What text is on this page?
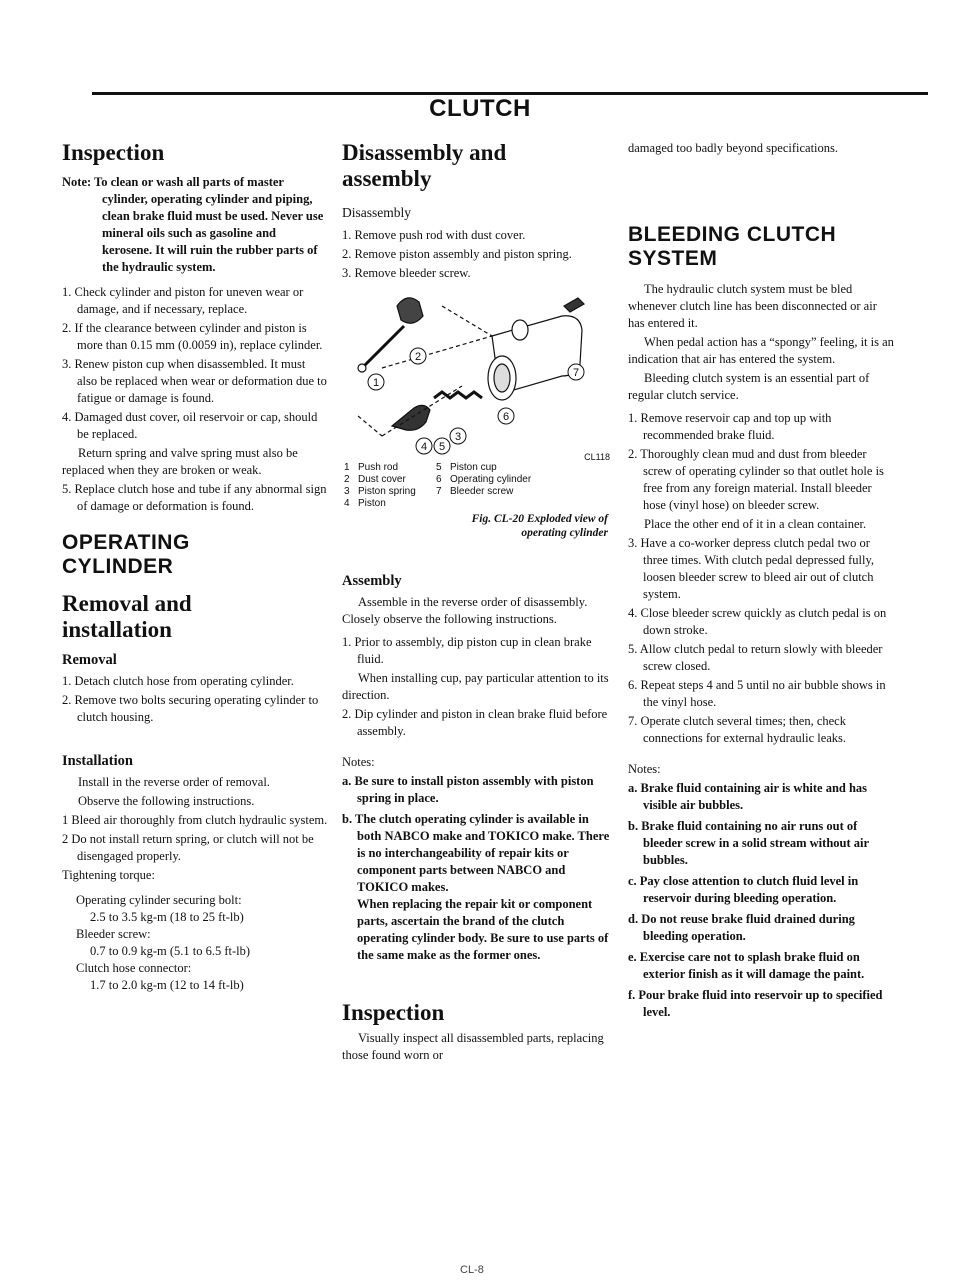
CLUTCH
Inspection

Note: To clean or wash all parts of master cylinder, operating cylinder and piping, clean brake fluid must be used. Never use mineral oils such as gasoline and kerosene. It will ruin the rubber parts of the hydraulic system.

1. Check cylinder and piston for uneven wear or damage, and if necessary, replace.

2. If the clearance between cylinder and piston is more than 0.15 mm (0.0059 in), replace cylinder.

3. Renew piston cup when disassembled. It must also be replaced when wear or deformation due to fatigue or damage is found.

4. Damaged dust cover, oil reservoir or cap, should be replaced.

Return spring and valve spring must also be replaced when they are broken or weak.

5. Replace clutch hose and tube if any abnormal sign of damage or deformation is found.

OPERATING
CYLINDER
Removal and installation
Removal

1. Detach clutch hose from operating cylinder.

2. Remove two bolts securing operating cylinder to clutch housing.

Installation

Install in the reverse order of removal.

Observe the following instructions.

1 Bleed air thoroughly from clutch hydraulic system.

2 Do not install return spring, or clutch will not be disengaged properly.

Tightening torque:

Operating cylinder securing bolt:

2.5 to 3.5 kg-m (18 to 25 ft-lb)

Bleeder screw:

0.7 to 0.9 kg-m (5.1 to 6.5 ft-lb)

Clutch hose connector:

1.7 to 2.0 kg-m (12 to 14 ft-lb)

Disassembly and assembly
Disassembly

1. Remove push rod with dust cover.

2. Remove piston assembly and piston spring.

3. Remove bleeder screw.

1
2
3
4 5
6
7
CL118
1 Push rod	5 Piston cup
2 Dust cover	6 Operating cylinder
3 Piston spring	7 Bleeder screw
4 Piston
Fig. CL-20 Exploded view of
operating cylinder
Assembly

Assemble in the reverse order of disassembly. Closely observe the following instructions.

1. Prior to assembly, dip piston cup in clean brake fluid.

When installing cup, pay particular attention to its direction.

2. Dip cylinder and piston in clean brake fluid before assembly.

Notes:

a. Be sure to install piston assembly with piston spring in place.

b. The clutch operating cylinder is available in both NABCO make and TOKICO make. There is no interchangeability of repair kits or component parts between NABCO and TOKICO makes.

When replacing the repair kit or component parts, ascertain the brand of the clutch operating cylinder body. Be sure to use parts of the same make as the former ones.

Inspection

Visually inspect all disassembled parts, replacing those found worn or

damaged too badly beyond specifications.

BLEEDING CLUTCH
SYSTEM

The hydraulic clutch system must be bled whenever clutch line has been disconnected or air has entered it.

When pedal action has a “spongy” feeling, it is an indication that air has entered the system.

Bleeding clutch system is an essential part of regular clutch service.

1. Remove reservoir cap and top up with recommended brake fluid.

2. Thoroughly clean mud and dust from bleeder screw of operating cylinder so that outlet hole is free from any foreign material. Install bleeder hose (vinyl hose) on bleeder screw.

Place the other end of it in a clean container.

3. Have a co-worker depress clutch pedal two or three times. With clutch pedal depressed fully, loosen bleeder screw to bleed air out of clutch system.

4. Close bleeder screw quickly as clutch pedal is on down stroke.

5. Allow clutch pedal to return slowly with bleeder screw closed.

6. Repeat steps 4 and 5 until no air bubble shows in the vinyl hose.

7. Operate clutch several times; then, check connections for external hydraulic leaks.

Notes:

a. Brake fluid containing air is white and has visible air bubbles.

b. Brake fluid containing no air runs out of bleeder screw in a solid stream without air bubbles.

c. Pay close attention to clutch fluid level in reservoir during bleeding operation.

d. Do not reuse brake fluid drained during bleeding operation.

e. Exercise care not to splash brake fluid on exterior finish as it will damage the paint.

f. Pour brake fluid into reservoir up to specified level.

CL-8
